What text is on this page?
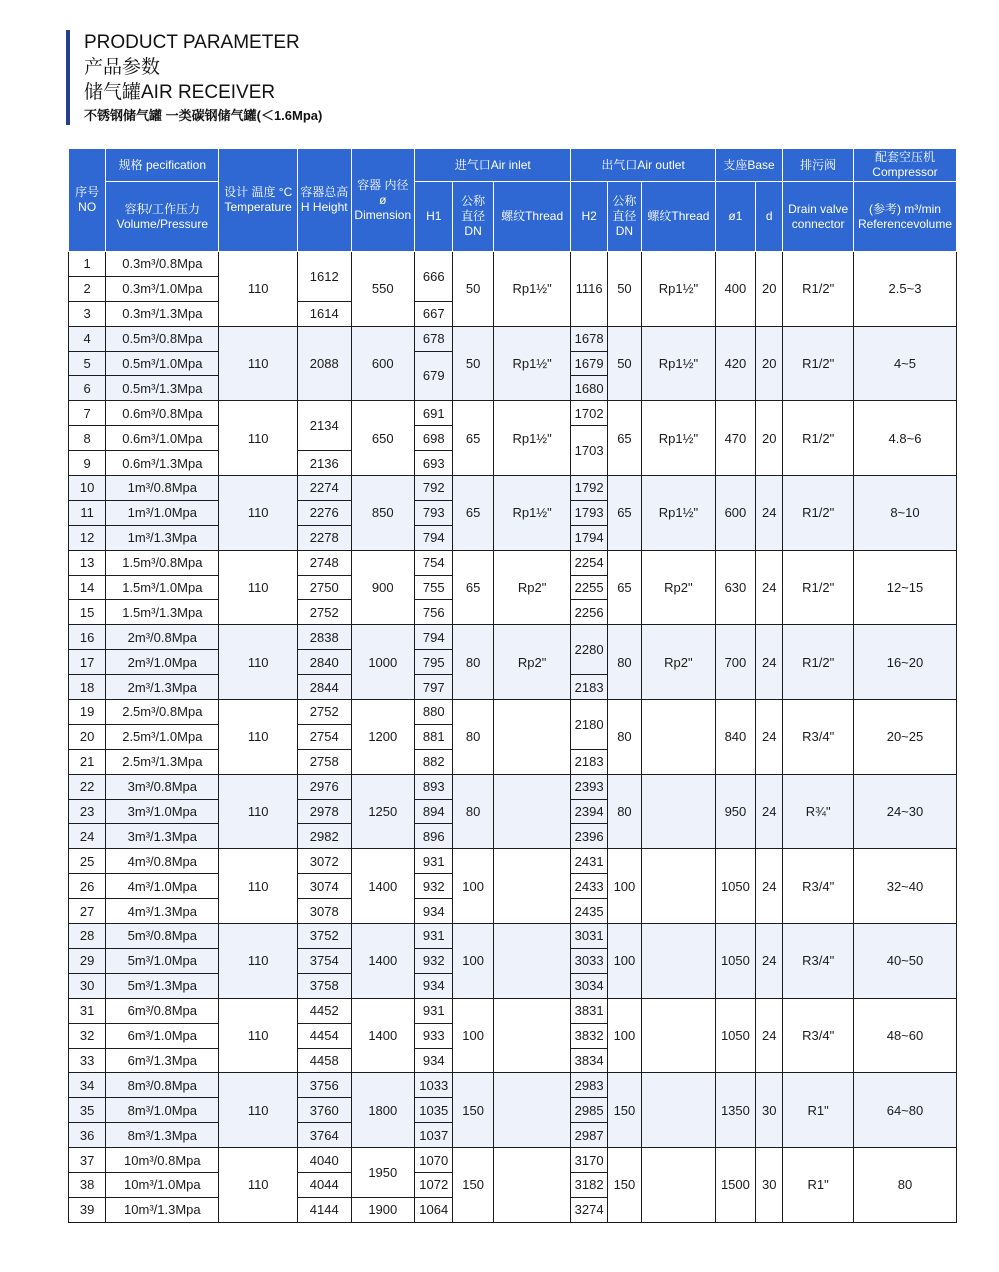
PRODUCT PARAMETER
产品参数
储气罐AIR RECEIVER
不锈钢储气罐 一类碳钢储气罐(＜1.6Mpa)
序号 NO	规格 pecification	设计 温度 °C Temperature	容器总高 H Height	容器 内径 ø Dimension	进气口Air inlet			出气口Air outlet			支座Base		排污阀	配套空压机 Compressor
	容积/工作压力 Volume/Pressure				H1	公称直径 DN	螺纹Thread	H2	公称直径 DN	螺纹Thread	ø1	d	Drain valve connector	(参考) m³/min Referencevolume
1	0.3m³/0.8Mpa	110	1612	550	666	50	Rp1½"	1116	50	Rp1½"	400	20	R1/2"	2.5~3
2	0.3m³/1.0Mpa													
3	0.3m³/1.3Mpa		1614		667									
4	0.5m³/0.8Mpa	110	2088	600	678	50	Rp1½"	1678	50	Rp1½"	420	20	R1/2"	4~5
5	0.5m³/1.0Mpa				679			1679						
6	0.5m³/1.3Mpa							1680						
7	0.6m³/0.8Mpa	110	2134	650	691	65	Rp1½"	1702	65	Rp1½"	470	20	R1/2"	4.8~6
8	0.6m³/1.0Mpa				698			1703						
9	0.6m³/1.3Mpa		2136		693									
10	1m³/0.8Mpa	110	2274	850	792	65	Rp1½"	1792	65	Rp1½"	600	24	R1/2"	8~10
11	1m³/1.0Mpa		2276		793			1793						
12	1m³/1.3Mpa		2278		794			1794						
13	1.5m³/0.8Mpa	110	2748	900	754	65	Rp2"	2254	65	Rp2"	630	24	R1/2"	12~15
14	1.5m³/1.0Mpa		2750		755			2255						
15	1.5m³/1.3Mpa		2752		756			2256						
16	2m³/0.8Mpa	110	2838	1000	794	80	Rp2"	2280	80	Rp2"	700	24	R1/2"	16~20
17	2m³/1.0Mpa		2840		795									
18	2m³/1.3Mpa		2844		797			2183						
19	2.5m³/0.8Mpa	110	2752	1200	880	80		2180	80		840	24	R3/4"	20~25
20	2.5m³/1.0Mpa		2754		881									
21	2.5m³/1.3Mpa		2758		882			2183						
22	3m³/0.8Mpa	110	2976	1250	893	80		2393	80		950	24	R¾"	24~30
23	3m³/1.0Mpa		2978		894			2394						
24	3m³/1.3Mpa		2982		896			2396						
25	4m³/0.8Mpa	110	3072	1400	931	100		2431	100		1050	24	R3/4"	32~40
26	4m³/1.0Mpa		3074		932			2433						
27	4m³/1.3Mpa		3078		934			2435						
28	5m³/0.8Mpa	110	3752	1400	931	100		3031	100		1050	24	R3/4"	40~50
29	5m³/1.0Mpa		3754		932			3033						
30	5m³/1.3Mpa		3758		934			3034						
31	6m³/0.8Mpa	110	4452	1400	931	100		3831	100		1050	24	R3/4"	48~60
32	6m³/1.0Mpa		4454		933			3832						
33	6m³/1.3Mpa		4458		934			3834						
34	8m³/0.8Mpa	110	3756	1800	1033	150		2983	150		1350	30	R1"	64~80
35	8m³/1.0Mpa		3760		1035			2985						
36	8m³/1.3Mpa		3764		1037			2987						
37	10m³/0.8Mpa	110	4040	1950	1070	150		3170	150		1500	30	R1"	80
38	10m³/1.0Mpa		4044		1072			3182						
39	10m³/1.3Mpa		4144	1900	1064			3274						
